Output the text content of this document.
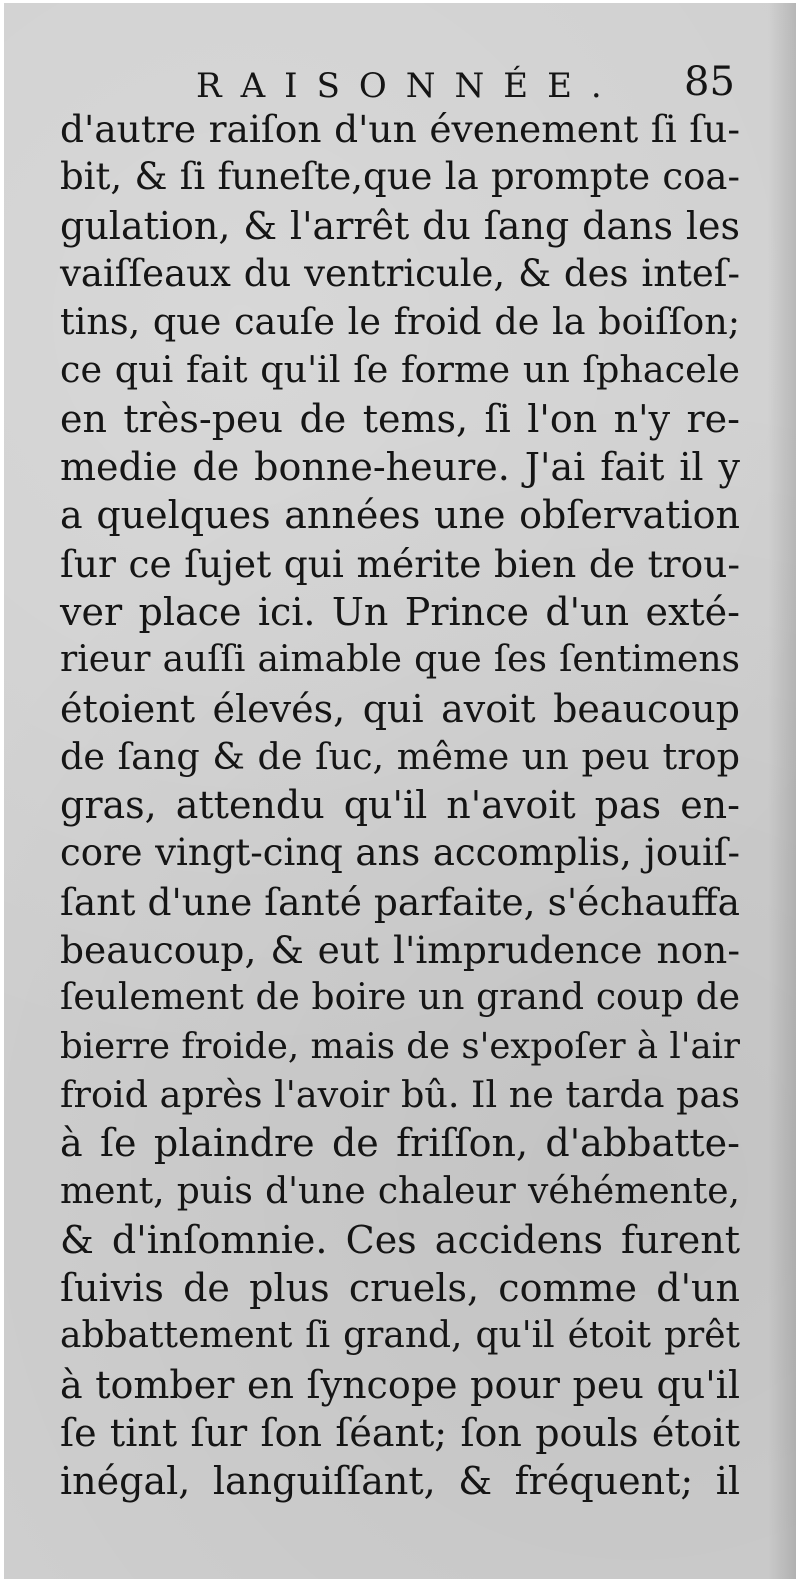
RAISONNÉE. 85
d'autre raiſon d'un évenement ſi ſu-
bit, & ſi funeſte,que la prompte coa-
gulation, & l'arrêt du ſang dans les
vaiſſeaux du ventricule, & des inteſ-
tins, que cauſe le froid de la boiſſon;
ce qui fait qu'il ſe forme un ſphacele
en très-peu de tems, ſi l'on n'y re-
medie de bonne-heure. J'ai fait il y
a quelques années une obſervation
ſur ce ſujet qui mérite bien de trou-
ver place ici. Un Prince d'un exté-
rieur auſſi aimable que ſes ſentimens
étoient élevés, qui avoit beaucoup
de ſang & de ſuc, même un peu trop
gras, attendu qu'il n'avoit pas en-
core vingt-cinq ans accomplis, jouiſ-
ſant d'une ſanté parfaite, s'échauffa
beaucoup, & eut l'imprudence non-
ſeulement de boire un grand coup de
bierre froide, mais de s'expoſer à l'air
froid après l'avoir bû. Il ne tarda pas
à ſe plaindre de friſſon, d'abbatte-
ment, puis d'une chaleur véhémente,
& d'inſomnie. Ces accidens furent
ſuivis de plus cruels, comme d'un
abbattement ſi grand, qu'il étoit prêt
à tomber en ſyncope pour peu qu'il
ſe tint ſur ſon ſéant; ſon pouls étoit
inégal, languiſſant, & fréquent; il
